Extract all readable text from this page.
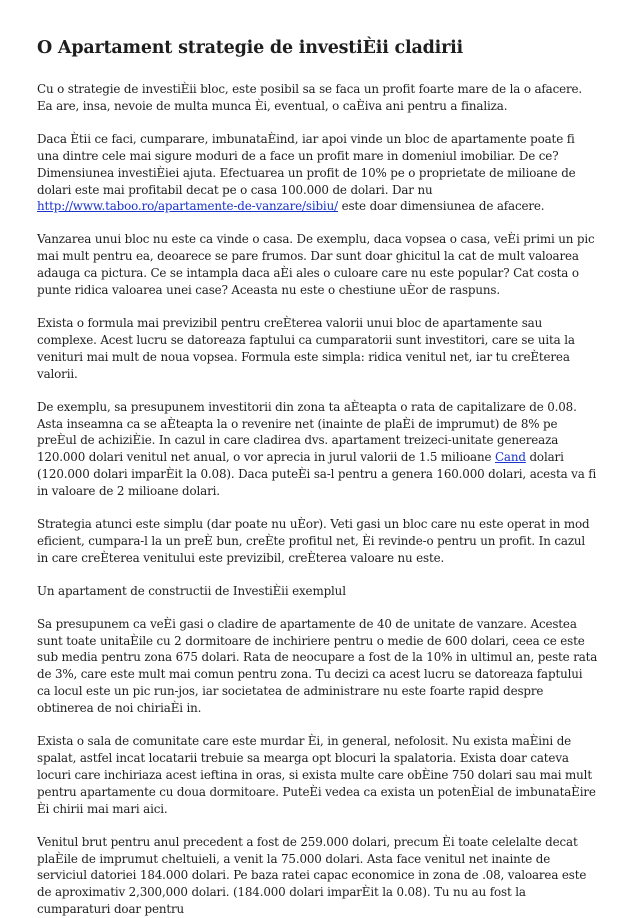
O Apartament strategie de investiÈii cladirii

Cu o strategie de investiÈii bloc, este posibil sa se faca un profit foarte mare de la o afacere. Ea are, insa, nevoie de multa munca Èi, eventual, o caÈiva ani pentru a finaliza.

Daca Ètii ce faci, cumparare, imbunataÈind, iar apoi vinde un bloc de apartamente poate fi una dintre cele mai sigure moduri de a face un profit mare in domeniul imobiliar. De ce? Dimensiunea investiÈiei ajuta. Efectuarea un profit de 10% pe o proprietate de milioane de dolari este mai profitabil decat pe o casa 100.000 de dolari. Dar nu http://www.taboo.ro/apartamente-de-vanzare/sibiu/ este doar dimensiunea de afacere.

Vanzarea unui bloc nu este ca vinde o casa. De exemplu, daca vopsea o casa, veÈi primi un pic mai mult pentru ea, deoarece se pare frumos. Dar sunt doar ghicitul la cat de mult valoarea adauga ca pictura. Ce se intampla daca aÈi ales o culoare care nu este popular? Cat costa o punte ridica valoarea unei case? Aceasta nu este o chestiune uÈor de raspuns.

Exista o formula mai previzibil pentru creÈterea valorii unui bloc de apartamente sau complexe. Acest lucru se datoreaza faptului ca cumparatorii sunt investitori, care se uita la venituri mai mult de noua vopsea. Formula este simpla: ridica venitul net, iar tu creÈterea valorii.

De exemplu, sa presupunem investitorii din zona ta aÈteapta o rata de capitalizare de 0.08. Asta inseamna ca se aÈteapta la o revenire net (inainte de plaÈi de imprumut) de 8% pe preÈul de achiziÈie. In cazul in care cladirea dvs. apartament treizeci-unitate genereaza 120.000 dolari venitul net anual, o vor aprecia in jurul valorii de 1.5 milioane Cand dolari (120.000 dolari imparÈit la 0.08). Daca puteÈi sa-l pentru a genera 160.000 dolari, acesta va fi in valoare de 2 milioane dolari.

Strategia atunci este simplu (dar poate nu uÈor). Veti gasi un bloc care nu este operat in mod eficient, cumpara-l la un preÈ bun, creÈte profitul net, Èi revinde-o pentru un profit. In cazul in care creÈterea venitului este previzibil, creÈterea valoare nu este.

Un apartament de constructii de InvestiÈii exemplul

Sa presupunem ca veÈi gasi o cladire de apartamente de 40 de unitate de vanzare. Acestea sunt toate unitaÈile cu 2 dormitoare de inchiriere pentru o medie de 600 dolari, ceea ce este sub media pentru zona 675 dolari. Rata de neocupare a fost de la 10% in ultimul an, peste rata de 3%, care este mult mai comun pentru zona. Tu decizi ca acest lucru se datoreaza faptului ca locul este un pic run-jos, iar societatea de administrare nu este foarte rapid despre obtinerea de noi chiriaÈi in.

Exista o sala de comunitate care este murdar Èi, in general, nefolosit. Nu exista maÈini de spalat, astfel incat locatarii trebuie sa mearga opt blocuri la spalatoria. Exista doar cateva locuri care inchiriaza acest ieftina in oras, si exista multe care obÈine 750 dolari sau mai mult pentru apartamente cu doua dormitoare. PuteÈi vedea ca exista un potenÈial de imbunataÈire Èi chirii mai mari aici.

Venitul brut pentru anul precedent a fost de 259.000 dolari, precum Èi toate celelalte decat plaÈile de imprumut cheltuieli, a venit la 75.000 dolari. Asta face venitul net inainte de serviciul datoriei 184.000 dolari. Pe baza ratei capac economice in zona de .08, valoarea este de aproximativ 2,300,000 dolari. (184.000 dolari imparÈit la 0.08). Tu nu au fost la cumparaturi doar pentru
